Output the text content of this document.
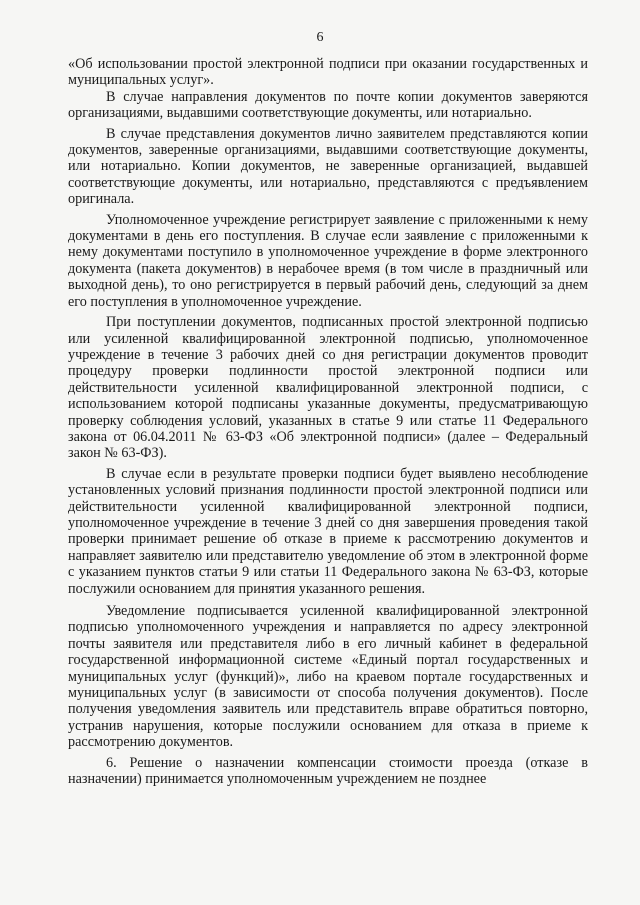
6

«Об использовании простой электронной подписи при оказании государственных и муниципальных услуг».

В случае направления документов по почте копии документов заверяются организациями, выдавшими соответствующие документы, или нотариально.

В случае представления документов лично заявителем представляются копии документов, заверенные организациями, выдавшими соответствующие документы, или нотариально. Копии документов, не заверенные организацией, выдавшей соответствующие документы, или нотариально, представляются с предъявлением оригинала.

Уполномоченное учреждение регистрирует заявление с приложенными к нему документами в день его поступления. В случае если заявление с приложенными к нему документами поступило в уполномоченное учреждение в форме электронного документа (пакета документов) в нерабочее время (в том числе в праздничный или выходной день), то оно регистрируется в первый рабочий день, следующий за днем его поступления в уполномоченное учреждение.

При поступлении документов, подписанных простой электронной подписью или усиленной квалифицированной электронной подписью, уполномоченное учреждение в течение 3 рабочих дней со дня регистрации документов проводит процедуру проверки подлинности простой электронной подписи или действительности усиленной квалифицированной электронной подписи, с использованием которой подписаны указанные документы, предусматривающую проверку соблюдения условий, указанных в статье 9 или статье 11 Федерального закона от 06.04.2011 № 63-ФЗ «Об электронной подписи» (далее – Федеральный закон № 63-ФЗ).

В случае если в результате проверки подписи будет выявлено несоблюдение установленных условий признания подлинности простой электронной подписи или действительности усиленной квалифицированной электронной подписи, уполномоченное учреждение в течение 3 дней со дня завершения проведения такой проверки принимает решение об отказе в приеме к рассмотрению документов и направляет заявителю или представителю уведомление об этом в электронной форме с указанием пунктов статьи 9 или статьи 11 Федерального закона № 63-ФЗ, которые послужили основанием для принятия указанного решения.

Уведомление подписывается усиленной квалифицированной электронной подписью уполномоченного учреждения и направляется по адресу электронной почты заявителя или представителя либо в его личный кабинет в федеральной государственной информационной системе «Единый портал государственных и муниципальных услуг (функций)», либо на краевом портале государственных и муниципальных услуг (в зависимости от способа получения документов). После получения уведомления заявитель или представитель вправе обратиться повторно, устранив нарушения, которые послужили основанием для отказа в приеме к рассмотрению документов.

6. Решение о назначении компенсации стоимости проезда (отказе в назначении) принимается уполномоченным учреждением не позднее
